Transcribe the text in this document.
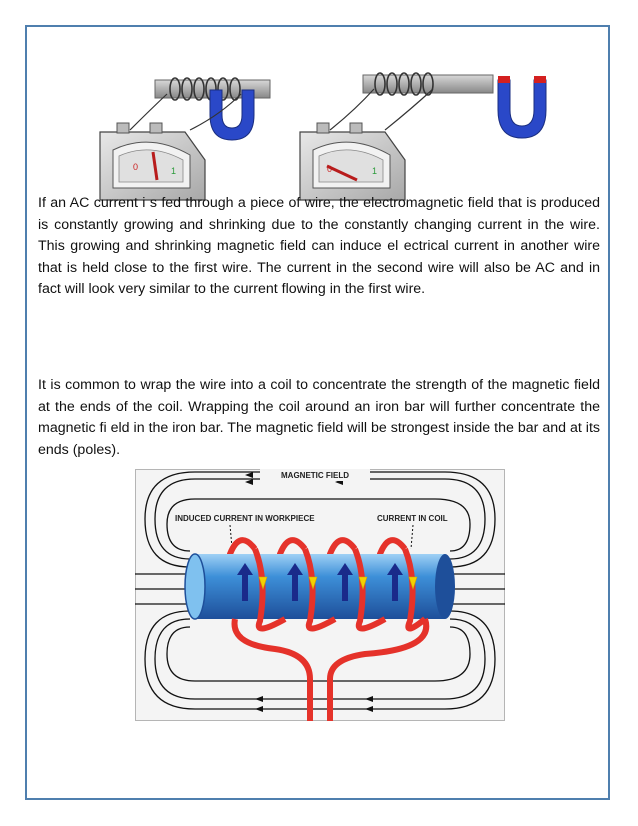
0	1	0	1

If an AC current i s fed through a piece of wire, the electromagnetic field that is produced is constantly growing and shrinking due to the constantly changing current in the wire. This growing and shrinking magnetic field can induce el ectrical current in another wire that is held close to the first wire. The current in the second wire will also be AC and in fact will look very similar to the current flowing in the first wire.

It is common to wrap the wire into a coil to concentrate the strength of the magnetic field at the ends of the coil. Wrapping the coil around an iron bar will further concentrate the magnetic fi eld in the iron bar. The magnetic field will be strongest inside the bar and at its ends (poles).

MAGNETIC FIELD
INDUCED CURRENT IN WORKPIECE	CURRENT IN COIL
